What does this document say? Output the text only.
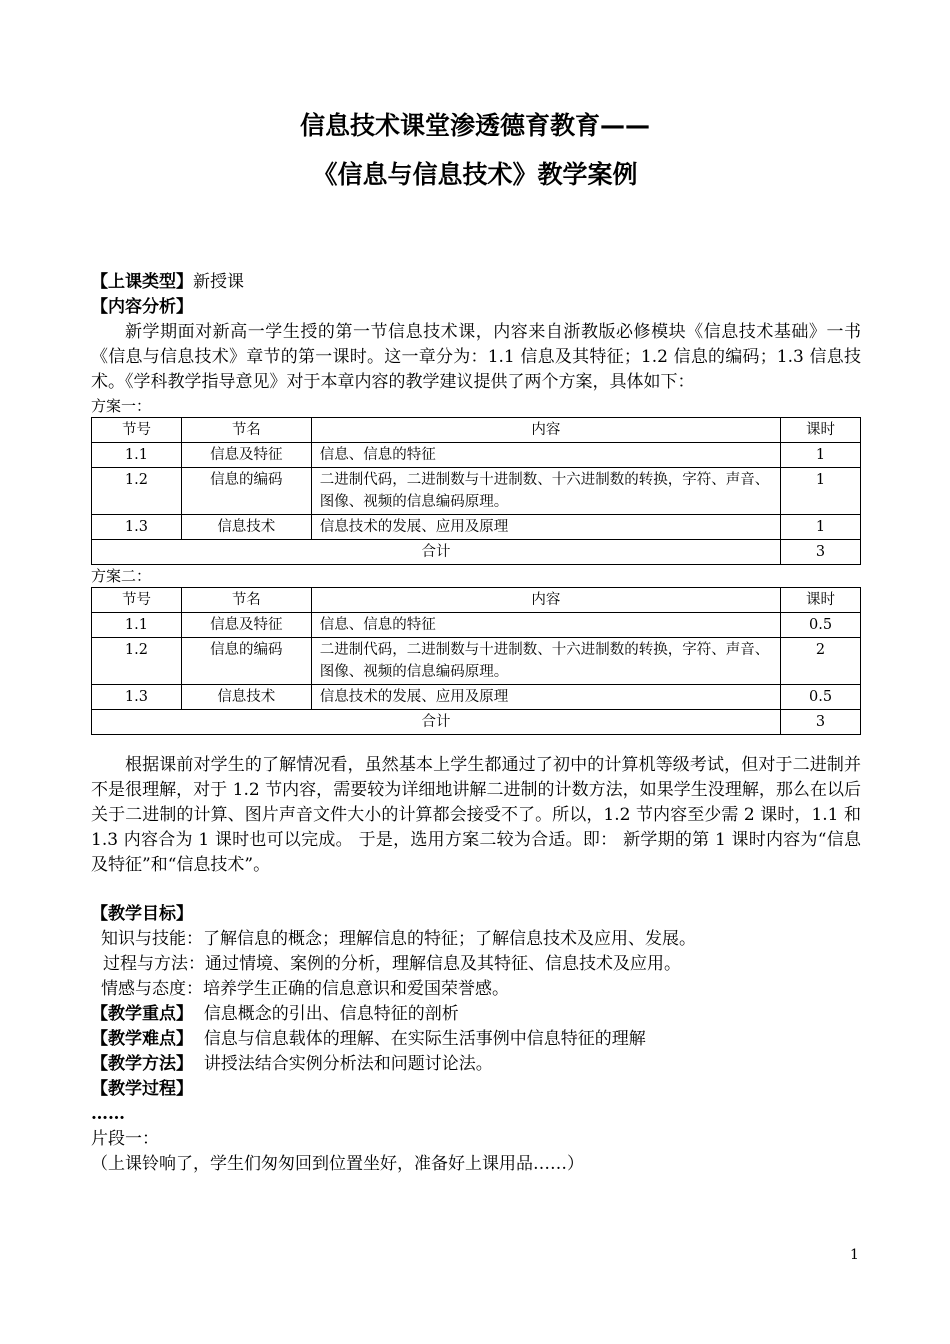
信息技术课堂渗透德育教育——
《信息与信息技术》教学案例

【上课类型】新授课

【内容分析】

新学期面对新高一学生授的第一节信息技术课，内容来自浙教版必修模块《信息技术基础》一书《信息与信息技术》章节的第一课时。这一章分为：1.1 信息及其特征；1.2 信息的编码；1.3 信息技术。《学科教学指导意见》对于本章内容的教学建议提供了两个方案，具体如下：

方案一：

节号	节名	内容	课时
1.1	信息及特征	信息、信息的特征	1
1.2	信息的编码	二进制代码，二进制数与十进制数、十六进制数的转换，字符、声音、图像、视频的信息编码原理。	1
1.3	信息技术	信息技术的发展、应用及原理	1
合计			3

方案二：

节号	节名	内容	课时
1.1	信息及特征	信息、信息的特征	0.5
1.2	信息的编码	二进制代码，二进制数与十进制数、十六进制数的转换，字符、声音、图像、视频的信息编码原理。	2
1.3	信息技术	信息技术的发展、应用及原理	0.5
合计			3

根据课前对学生的了解情况看，虽然基本上学生都通过了初中的计算机等级考试，但对于二进制并不是很理解，对于 1.2 节内容，需要较为详细地讲解二进制的计数方法，如果学生没理解，那么在以后关于二进制的计算、图片声音文件大小的计算都会接受不了。所以，1.2 节内容至少需 2 课时，1.1 和 1.3 内容合为 1 课时也可以完成。 于是，选用方案二较为合适。即： 新学期的第 1 课时内容为“信息及特征”和“信息技术”。

【教学目标】

知识与技能：了解信息的概念；理解信息的特征；了解信息技术及应用、发展。

过程与方法：通过情境、案例的分析，理解信息及其特征、信息技术及应用。

情感与态度：培养学生正确的信息意识和爱国荣誉感。

【教学重点】 信息概念的引出、信息特征的剖析

【教学难点】 信息与信息载体的理解、在实际生活事例中信息特征的理解

【教学方法】 讲授法结合实例分析法和问题讨论法。

【教学过程】

……

片段一：

（上课铃响了，学生们匆匆回到位置坐好，准备好上课用品……）

1
